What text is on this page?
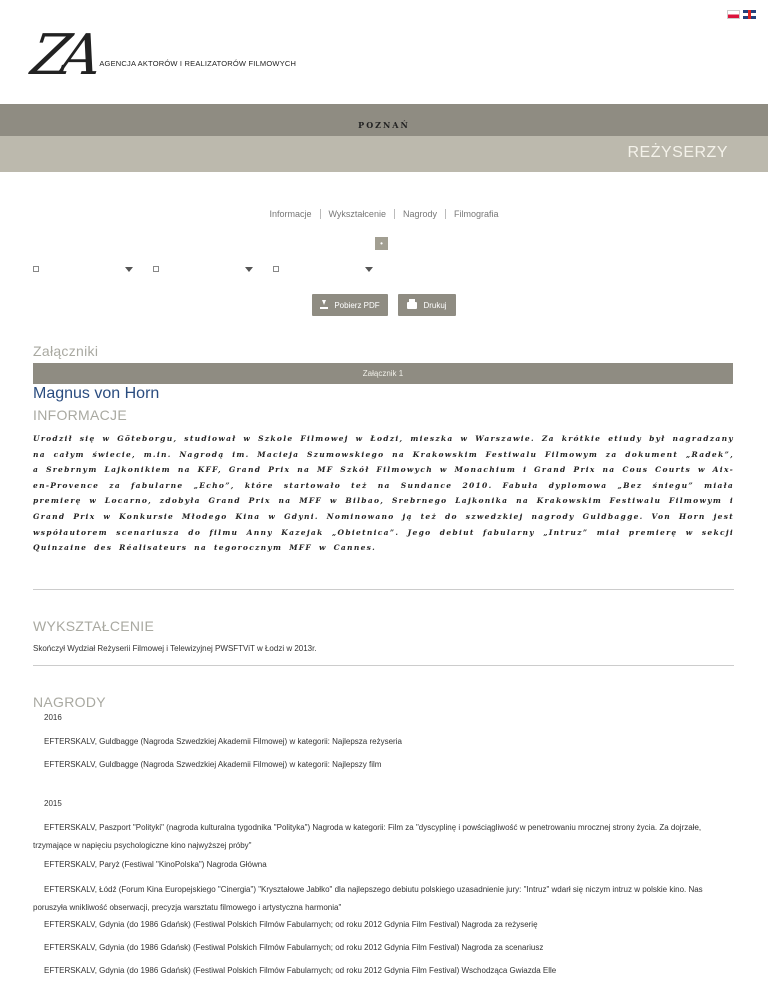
ZA AGENCJA AKTORÓW I REALIZATORÓW FILMOWYCH
POZNAŃ
REŻYSERZY
Informacje	Wykształcenie	Nagrody	Filmografia
•
Pobierz PDF	Drukuj
Załączniki
Załącznik 1
Magnus von Horn
INFORMACJE
Urodził się w Göteborgu, studiował w Szkole Filmowej w Łodzi, mieszka w Warszawie. Za krótkie etiudy był nagradzany na całym świecie, m.in. Nagrodą im. Macieja Szumowskiego na Krakowskim Festiwalu Filmowym za dokument „Radek”, a Srebrnym Lajkonikiem na KFF, Grand Prix na MF Szkół Filmowych w Monachium i Grand Prix na Cous Courts w Aix-en-Provence za fabularne „Echo”, które startowało też na Sundance 2010. Fabuła dyplomowa „Bez śniegu” miała premierę w Locarno, zdobyła Grand Prix na MFF w Bilbao, Srebrnego Lajkonika na Krakowskim Festiwalu Filmowym i Grand Prix w Konkursie Młodego Kina w Gdyni. Nominowano ją też do szwedzkiej nagrody Guldbagge. Von Horn jest współautorem scenariusza do filmu Anny Kazejak „Obietnica”. Jego debiut fabularny „Intruz” miał premierę w sekcji Quinzaine des Réalisateurs na tegorocznym MFF w Cannes.
WYKSZTAŁCENIE
Skończył Wydział Reżyserii Filmowej i Telewizyjnej PWSFTViT w Łodzi w 2013r.
NAGRODY
2016
EFTERSKALV, Guldbagge (Nagroda Szwedzkiej Akademii Filmowej) w kategorii: Najlepsza reżyseria
EFTERSKALV, Guldbagge (Nagroda Szwedzkiej Akademii Filmowej) w kategorii: Najlepszy film
2015
EFTERSKALV, Paszport "Polityki" (nagroda kulturalna tygodnika "Polityka") Nagroda w kategorii: Film za "dyscyplinę i powściągliwość w penetrowaniu mrocznej strony życia. Za dojrzałe, trzymające w napięciu psychologiczne kino najwyższej próby"
EFTERSKALV, Paryż (Festiwal "KinoPolska") Nagroda Główna
EFTERSKALV, Łódź (Forum Kina Europejskiego "Cinergia") "Kryształowe Jabłko" dla najlepszego debiutu polskiego uzasadnienie jury: "Intruz" wdarł się niczym intruz w polskie kino. Nas poruszyła wnikliwość obserwacji, precyzja warsztatu filmowego i artystyczna harmonia"
EFTERSKALV, Gdynia (do 1986 Gdańsk) (Festiwal Polskich Filmów Fabularnych; od roku 2012 Gdynia Film Festival) Nagroda za reżyserię
EFTERSKALV, Gdynia (do 1986 Gdańsk) (Festiwal Polskich Filmów Fabularnych; od roku 2012 Gdynia Film Festival) Nagroda za scenariusz
EFTERSKALV, Gdynia (do 1986 Gdańsk) (Festiwal Polskich Filmów Fabularnych; od roku 2012 Gdynia Film Festival) Wschodząca Gwiazda Elle
